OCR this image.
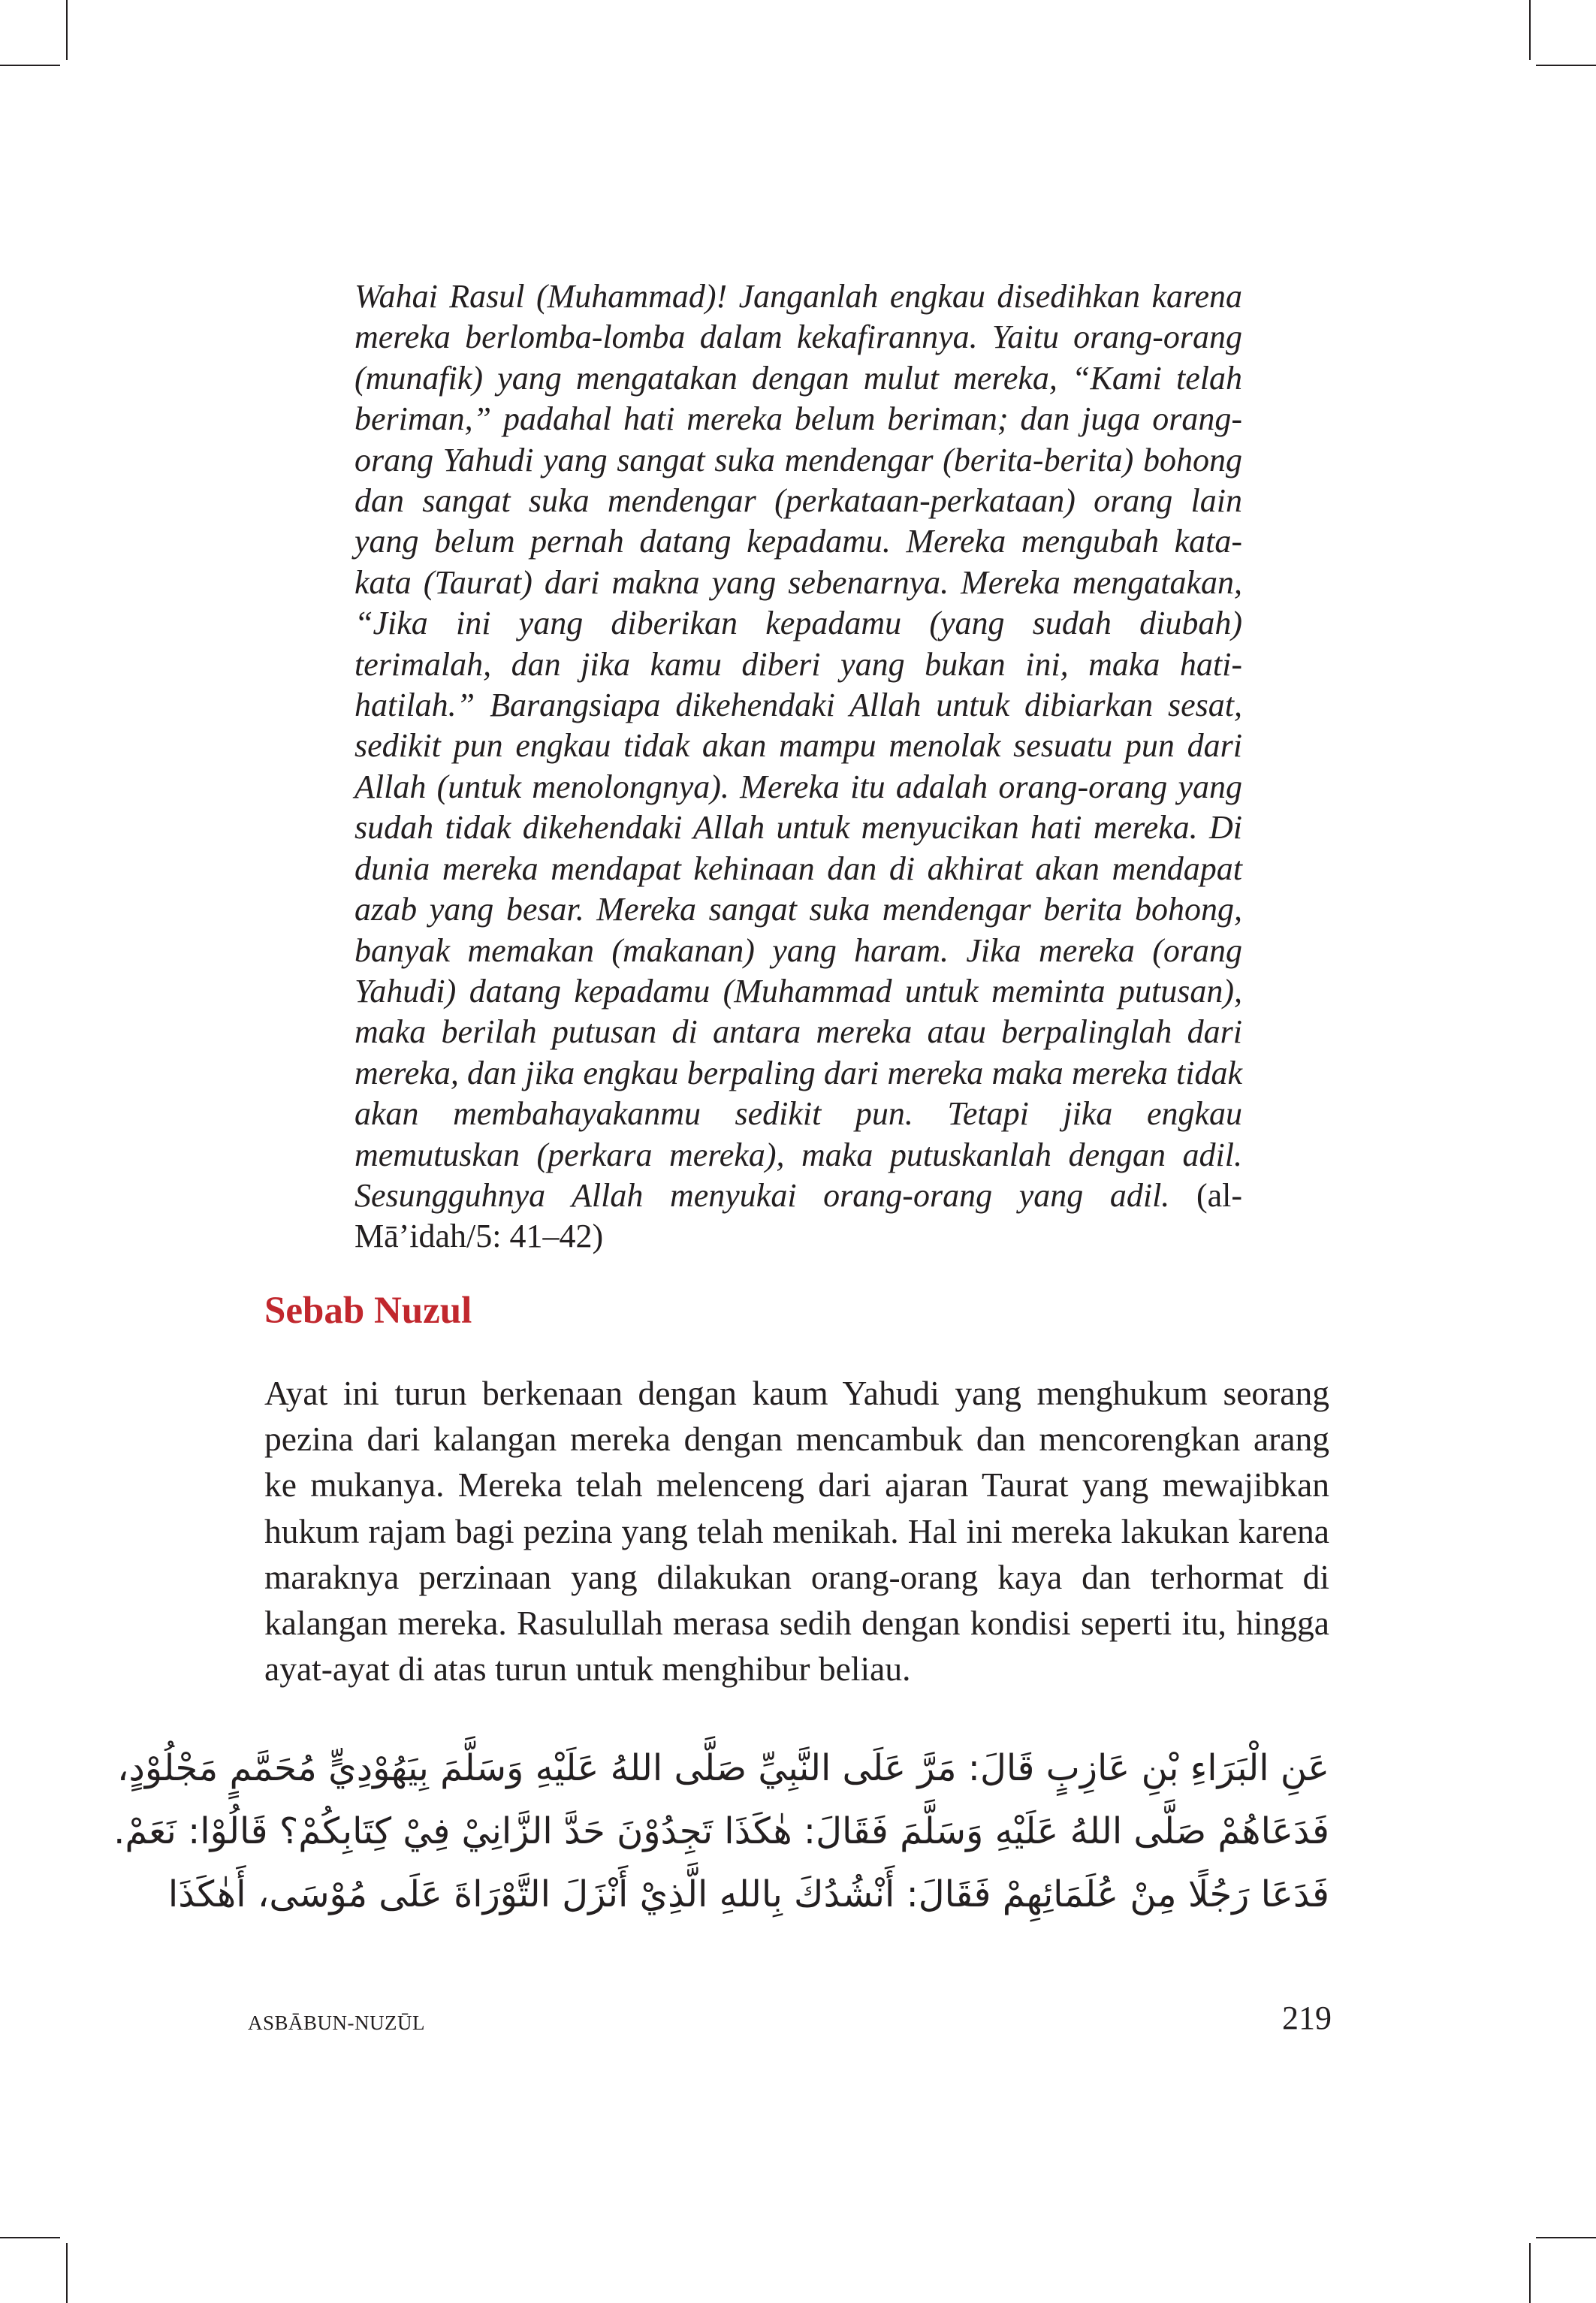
Wahai Rasul (Muhammad)! Janganlah engkau disedihkan karena mereka berlomba-lomba dalam kekafirannya. Yaitu orang-orang (munafik) yang mengatakan dengan mulut mereka, “Kami telah beriman,” padahal hati mereka belum beriman; dan juga orang-orang Yahudi yang sangat suka mendengar (berita-berita) bohong dan sangat suka mendengar (perkataan-perkataan) orang lain yang belum pernah datang kepadamu. Mereka mengubah kata-kata (Taurat) dari makna yang sebenarnya. Mereka mengatakan, “Jika ini yang diberikan kepadamu (yang sudah diubah) terimalah, dan jika kamu diberi yang bukan ini, maka hati-hatilah.” Barangsiapa dikehendaki Allah untuk dibiarkan sesat, sedikit pun engkau tidak akan mampu menolak sesuatu pun dari Allah (untuk menolongnya). Mereka itu adalah orang-orang yang sudah tidak dikehendaki Allah untuk menyucikan hati mereka. Di dunia mereka mendapat kehinaan dan di akhirat akan mendapat azab yang besar. Mereka sangat suka mendengar berita bohong, banyak memakan (makanan) yang haram. Jika mereka (orang Yahudi) datang kepadamu (Muhammad untuk meminta putusan), maka berilah putusan di antara mereka atau berpalinglah dari mereka, dan jika engkau berpaling dari mereka maka mereka tidak akan membahayakanmu sedikit pun. Tetapi jika engkau memutuskan (perkara mereka), maka putuskanlah dengan adil. Sesungguhnya Allah menyukai orang-orang yang adil. (al-Mā’idah/5: 41–42)
Sebab Nuzul
Ayat ini turun berkenaan dengan kaum Yahudi yang menghukum seorang pezina dari kalangan mereka dengan mencambuk dan mencorengkan arang ke mukanya. Mereka telah melenceng dari ajaran Taurat yang mewajibkan hukum rajam bagi pezina yang telah menikah. Hal ini mereka lakukan karena maraknya perzinaan yang dilakukan orang-orang kaya dan terhormat di kalangan mereka. Rasulullah merasa sedih dengan kondisi seperti itu, hingga ayat-ayat di atas turun untuk menghibur beliau.
عَنِ الْبَرَاءِ بْنِ عَازِبٍ قَالَ: مَرَّ عَلَى النَّبِيِّ صَلَّى اللهُ عَلَيْهِ وَسَلَّمَ بِيَهُوْدِيٍّ مُحَمَّمٍ مَجْلُوْدٍ،
فَدَعَاهُمْ صَلَّى اللهُ عَلَيْهِ وَسَلَّمَ فَقَالَ: هٰكَذَا تَجِدُوْنَ حَدَّ الزَّانِيْ فِيْ كِتَابِكُمْ؟ قَالُوْا: نَعَمْ.
فَدَعَا رَجُلًا مِنْ عُلَمَائِهِمْ فَقَالَ: أَنْشُدُكَ بِاللهِ الَّذِيْ أَنْزَلَ التَّوْرَاةَ عَلَى مُوْسَى، أَهٰكَذَا
ASBĀBUN-NUZŪL	219
